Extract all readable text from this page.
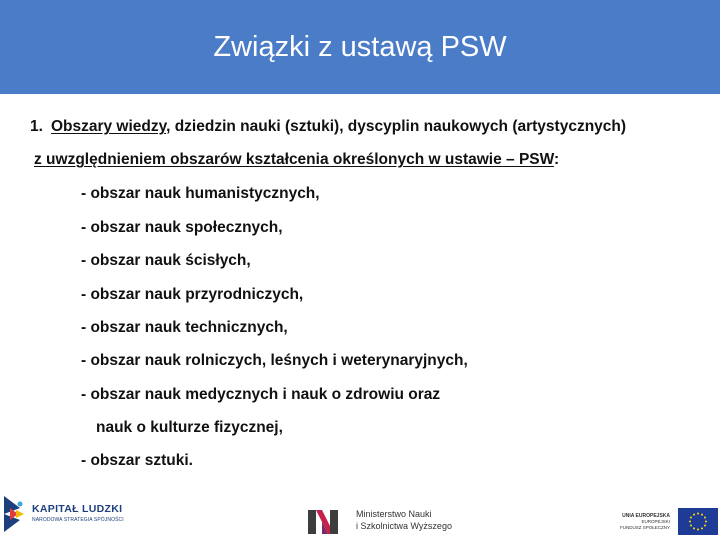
Związki z ustawą PSW
1. Obszary wiedzy, dziedzin nauki (sztuki), dyscyplin naukowych (artystycznych)
z uwzględnieniem obszarów kształcenia określonych w ustawie – PSW:
- obszar nauk humanistycznych,
- obszar nauk społecznych,
- obszar nauk ścisłych,
- obszar nauk przyrodniczych,
- obszar nauk technicznych,
- obszar nauk rolniczych, leśnych i weterynaryjnych,
- obszar nauk medycznych i nauk o zdrowiu oraz
nauk o kulturze fizycznej,
- obszar sztuki.
KAPITAŁ LUDZKI
NARODOWA STRATEGIA SPÓJNOŚCI
Ministerstwo Nauki
i Szkolnictwa Wyższego
UNIA EUROPEJSKA
EUROPEJSKI
FUNDUSZ SPOŁECZNY
